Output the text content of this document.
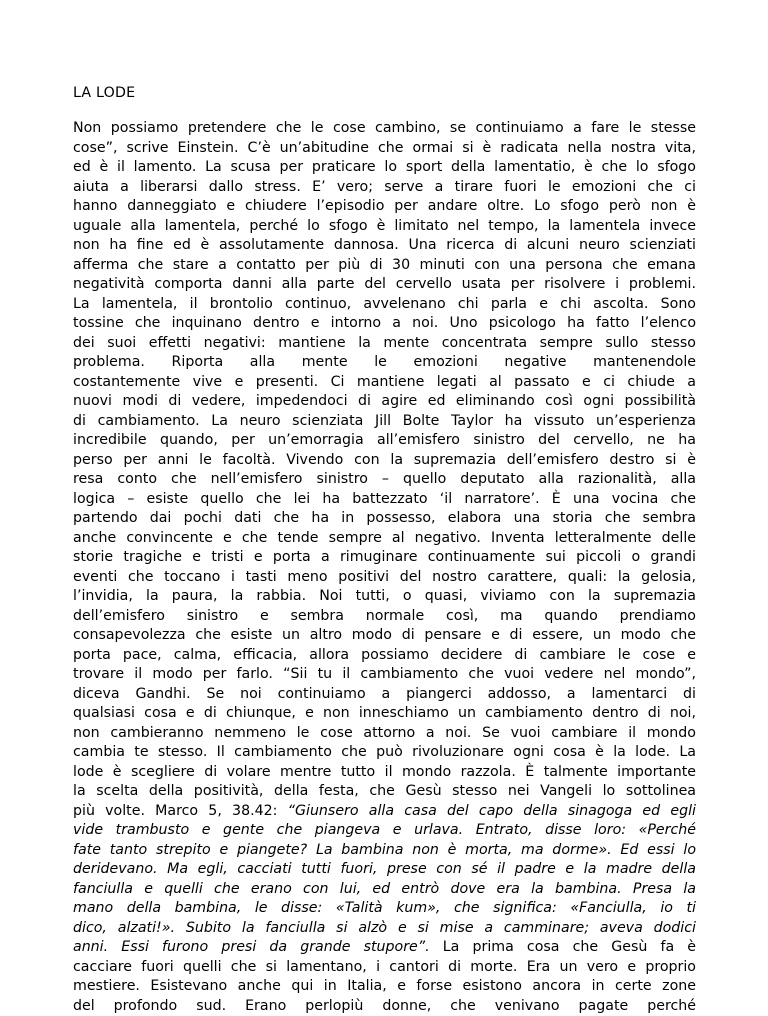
LA LODE
Non possiamo pretendere che le cose cambino, se continuiamo a fare le stesse
cose”, scrive Einstein. C’è un’abitudine che ormai si è radicata nella nostra vita,
ed è il lamento. La scusa per praticare lo sport della lamentatio, è che lo sfogo
aiuta a liberarsi dallo stress. E’ vero; serve a tirare fuori le emozioni che ci
hanno danneggiato e chiudere l’episodio per andare oltre. Lo sfogo però non è
uguale alla lamentela, perché lo sfogo è limitato nel tempo, la lamentela invece
non ha fine ed è assolutamente dannosa. Una ricerca di alcuni neuro scienziati
afferma che stare a contatto per più di 30 minuti con una persona che emana
negatività comporta danni alla parte del cervello usata per risolvere i problemi.
La lamentela, il brontolio continuo, avvelenano chi parla e chi ascolta. Sono
tossine che inquinano dentro e intorno a noi. Uno psicologo ha fatto l’elenco
dei suoi effetti negativi: mantiene la mente concentrata sempre sullo stesso
problema. Riporta alla mente le emozioni negative mantenendole
costantemente vive e presenti. Ci mantiene legati al passato e ci chiude a
nuovi modi di vedere, impedendoci di agire ed eliminando così ogni possibilità
di cambiamento. La neuro scienziata Jill Bolte Taylor ha vissuto un’esperienza
incredibile quando, per un’emorragia all’emisfero sinistro del cervello, ne ha
perso per anni le facoltà. Vivendo con la supremazia dell’emisfero destro si è
resa conto che nell’emisfero sinistro – quello deputato alla razionalità, alla
logica – esiste quello che lei ha battezzato ‘il narratore’. È una vocina che
partendo dai pochi dati che ha in possesso, elabora una storia che sembra
anche convincente e che tende sempre al negativo. Inventa letteralmente delle
storie tragiche e tristi e porta a rimuginare continuamente sui piccoli o grandi
eventi che toccano i tasti meno positivi del nostro carattere, quali: la gelosia,
l’invidia, la paura, la rabbia. Noi tutti, o quasi, viviamo con la supremazia
dell’emisfero sinistro e sembra normale così, ma quando prendiamo
consapevolezza che esiste un altro modo di pensare e di essere, un modo che
porta pace, calma, efficacia, allora possiamo decidere di cambiare le cose e
trovare il modo per farlo. “Sii tu il cambiamento che vuoi vedere nel mondo”,
diceva Gandhi. Se noi continuiamo a piangerci addosso, a lamentarci di
qualsiasi cosa e di chiunque, e non inneschiamo un cambiamento dentro di noi,
non cambieranno nemmeno le cose attorno a noi. Se vuoi cambiare il mondo
cambia te stesso. Il cambiamento che può rivoluzionare ogni cosa è la lode. La
lode è scegliere di volare mentre tutto il mondo razzola. È talmente importante
la scelta della positività, della festa, che Gesù stesso nei Vangeli lo sottolinea
più volte. Marco 5, 38.42: “Giunsero alla casa del capo della sinagoga ed egli
vide trambusto e gente che piangeva e urlava. Entrato, disse loro: «Perché
fate tanto strepito e piangete? La bambina non è morta, ma dorme». Ed essi lo
deridevano. Ma egli, cacciati tutti fuori, prese con sé il padre e la madre della
fanciulla e quelli che erano con lui, ed entrò dove era la bambina. Presa la
mano della bambina, le disse: «Talità kum», che significa: «Fanciulla, io ti
dico, alzati!». Subito la fanciulla si alzò e si mise a camminare; aveva dodici
anni. Essi furono presi da grande stupore”. La prima cosa che Gesù fa è
cacciare fuori quelli che si lamentano, i cantori di morte. Era un vero e proprio
mestiere. Esistevano anche qui in Italia, e forse esistono ancora in certe zone
del profondo sud. Erano perlopiù donne, che venivano pagate perché
